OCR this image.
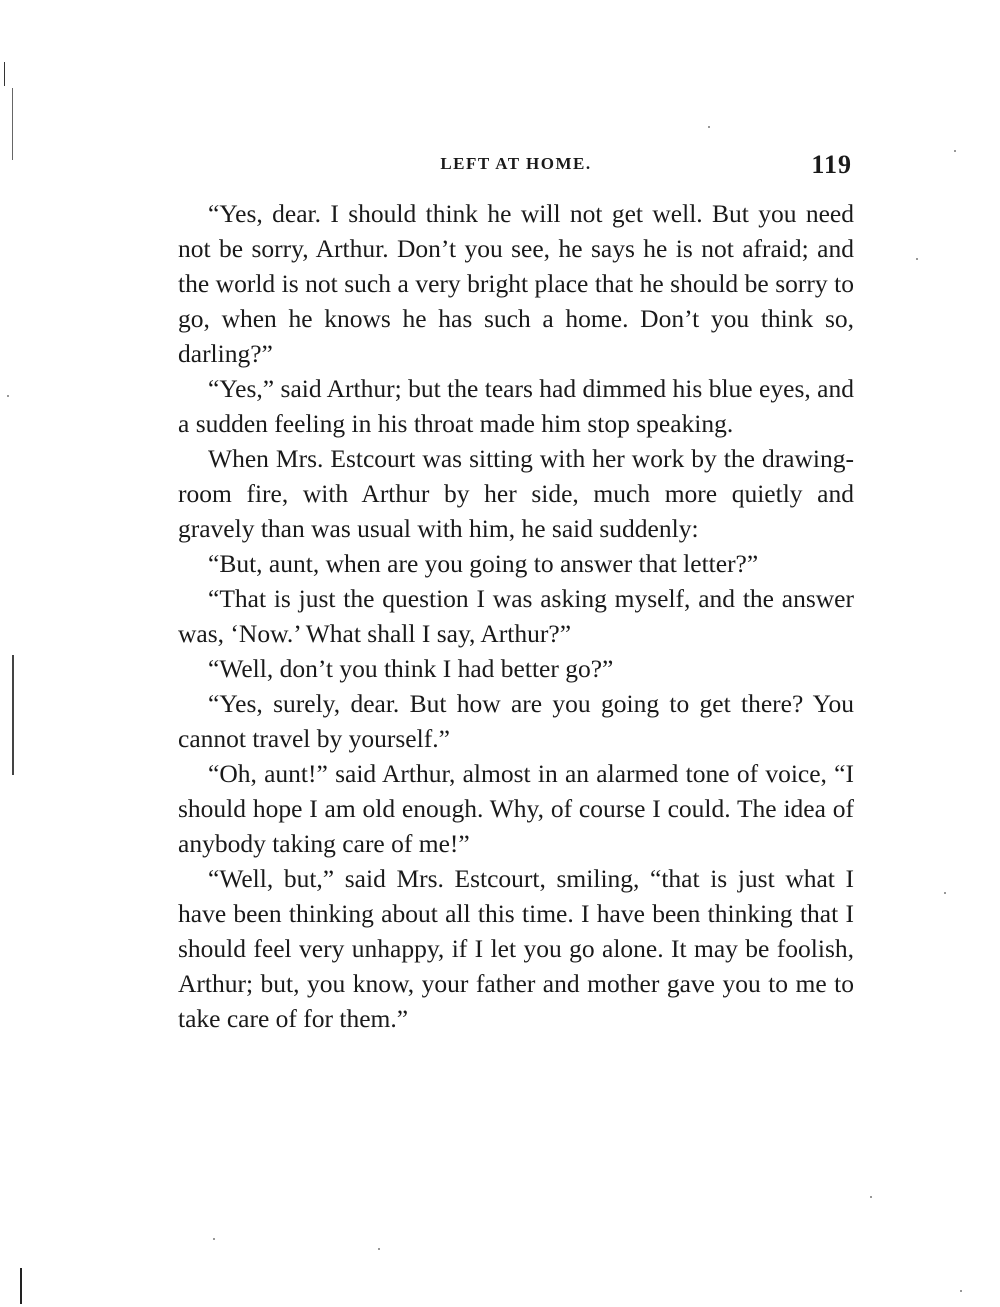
LEFT AT HOME.	119

“Yes, dear. I should think he will not get well. But you need not be sorry, Arthur. Don’t you see, he says he is not afraid; and the world is not such a very bright place that he should be sorry to go, when he knows he has such a home. Don’t you think so, darling?”

“Yes,” said Arthur; but the tears had dimmed his blue eyes, and a sudden feeling in his throat made him stop speaking.

When Mrs. Estcourt was sitting with her work by the drawing-room fire, with Arthur by her side, much more quietly and gravely than was usual with him, he said suddenly:

“But, aunt, when are you going to answer that letter?”

“That is just the question I was asking myself, and the answer was, ‘Now.’ What shall I say, Arthur?”

“Well, don’t you think I had better go?”

“Yes, surely, dear. But how are you going to get there? You cannot travel by yourself.”

“Oh, aunt!” said Arthur, almost in an alarmed tone of voice, “I should hope I am old enough. Why, of course I could. The idea of anybody taking care of me!”

“Well, but,” said Mrs. Estcourt, smiling, “that is just what I have been thinking about all this time. I have been thinking that I should feel very unhappy, if I let you go alone. It may be foolish, Arthur; but, you know, your father and mother gave you to me to take care of for them.”
